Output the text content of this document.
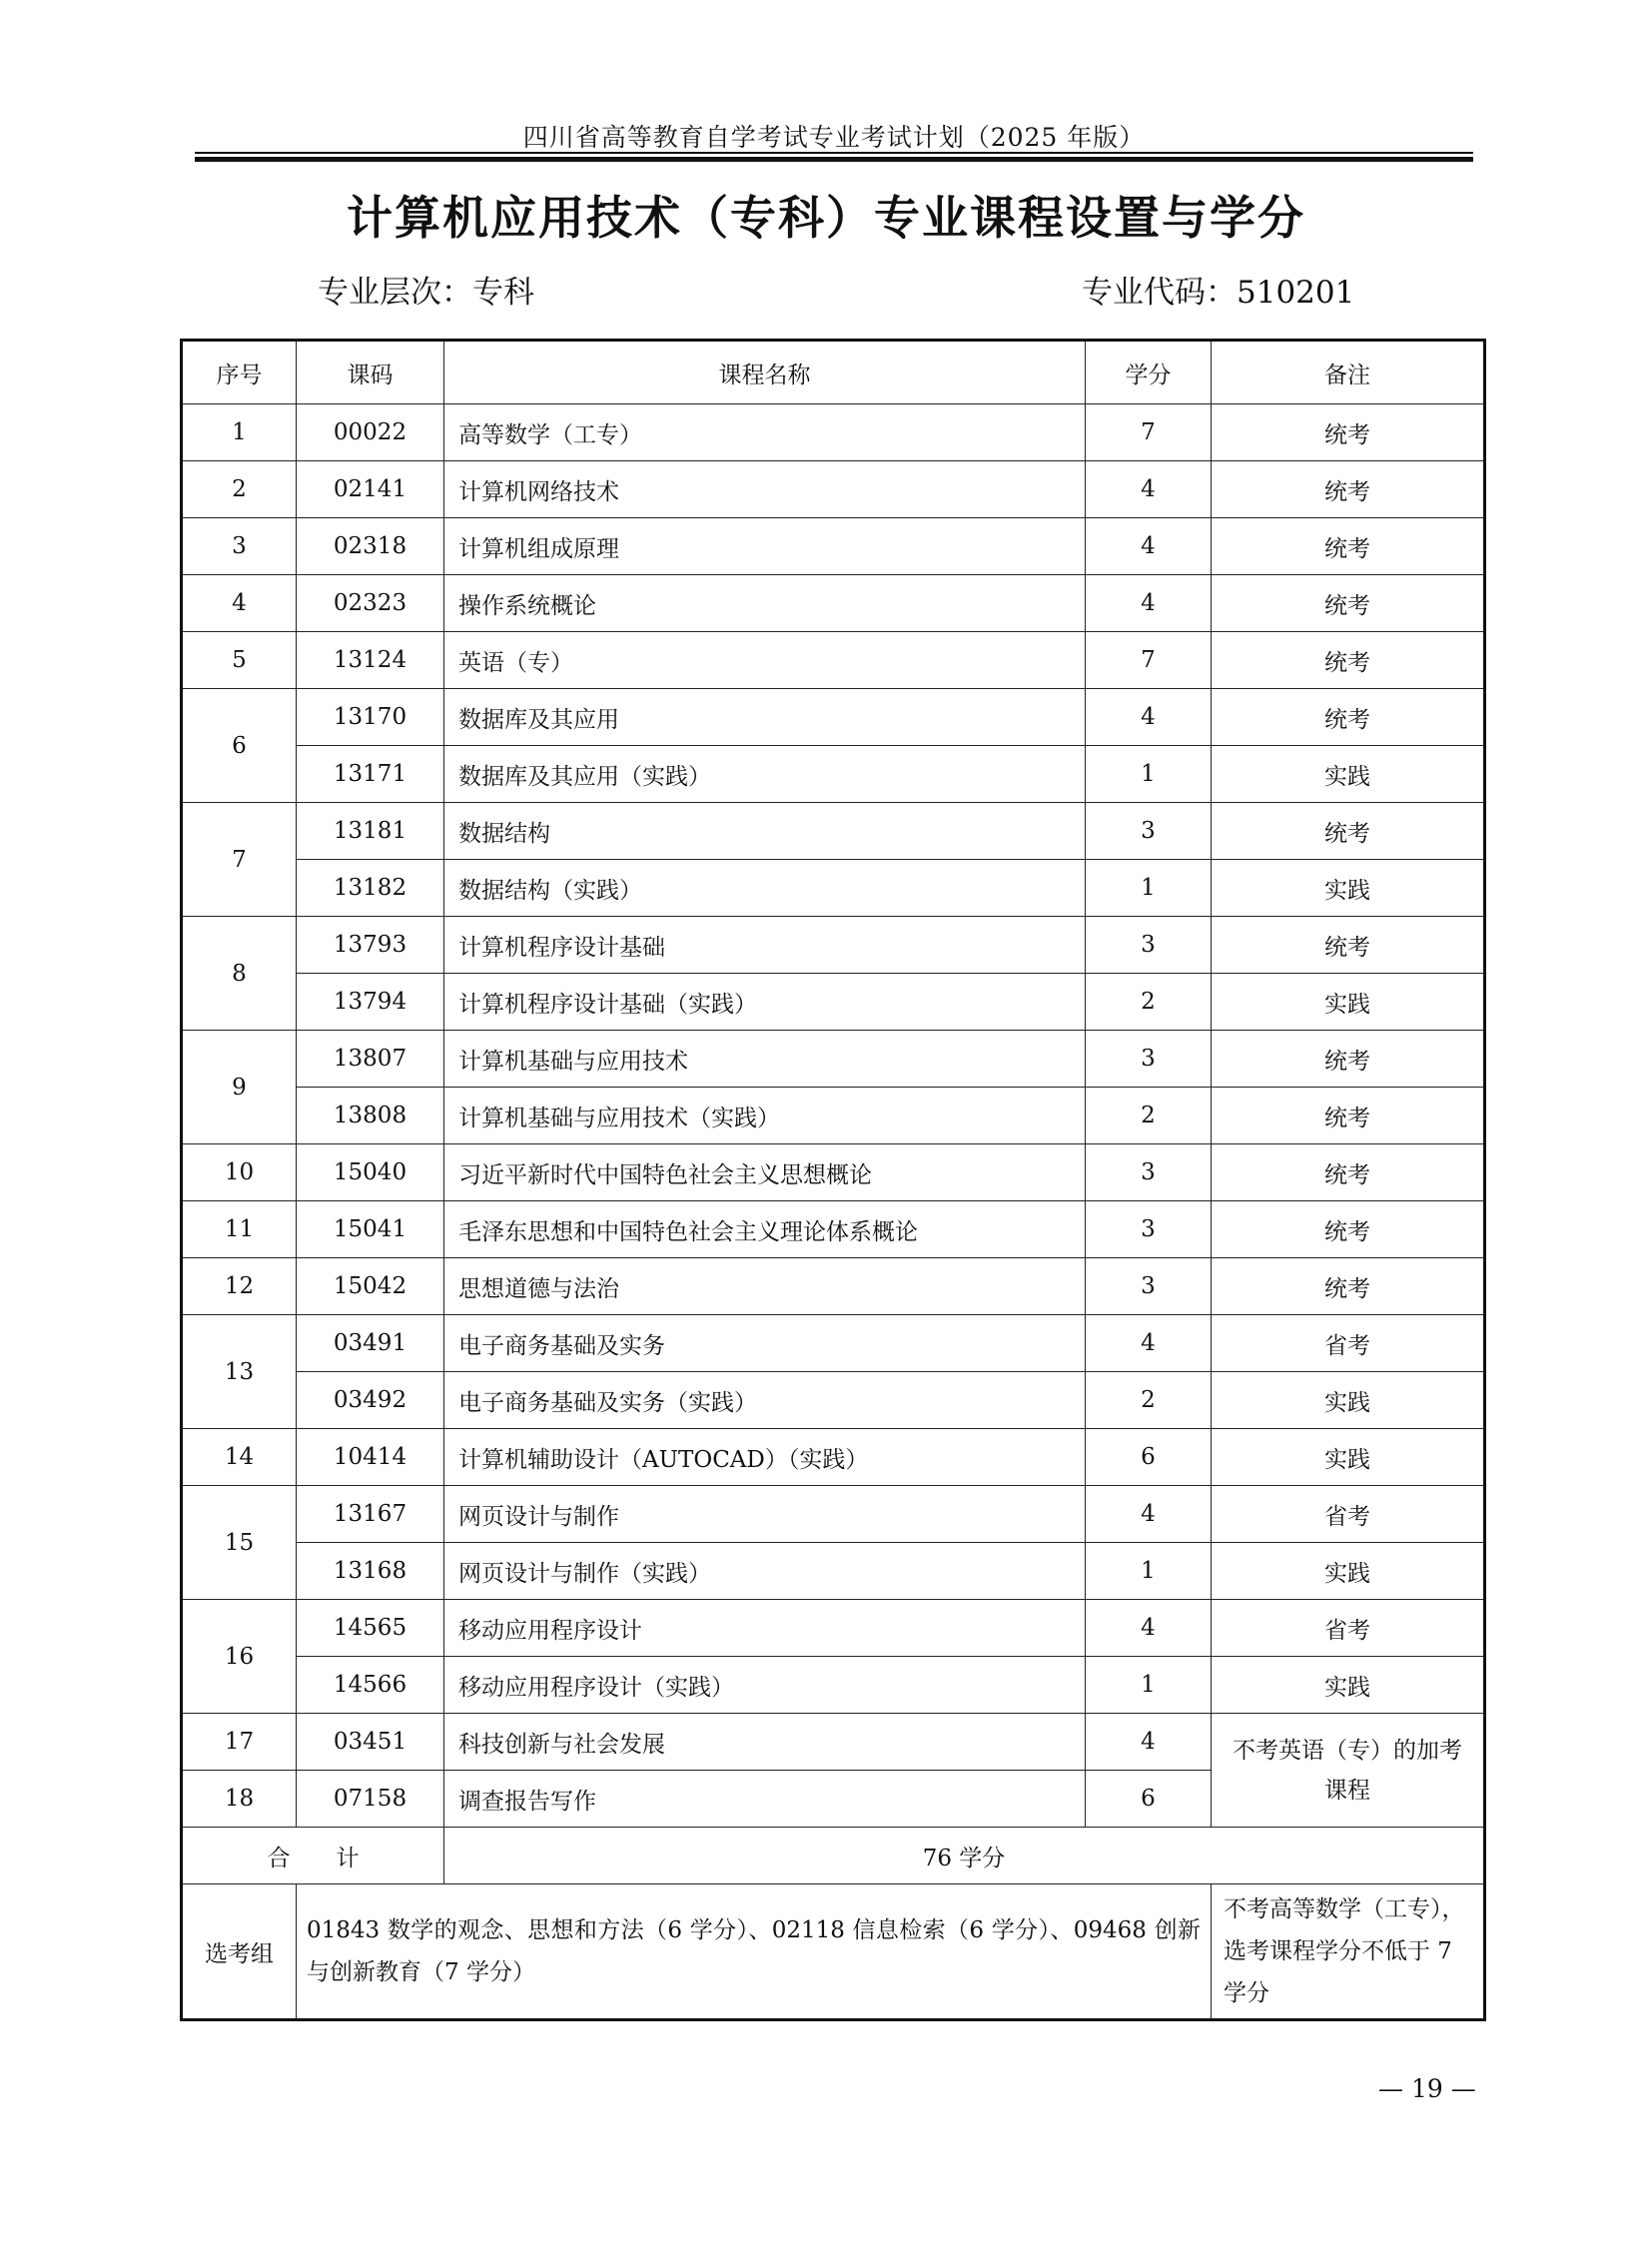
四川省高等教育自学考试专业考试计划（2025 年版）
计算机应用技术（专科）专业课程设置与学分
专业层次：专科	专业代码：510201
序号	课码	课程名称	学分	备注
1	00022	高等数学（工专）	7	统考
2	02141	计算机网络技术	4	统考
3	02318	计算机组成原理	4	统考
4	02323	操作系统概论	4	统考
5	13124	英语（专）	7	统考
6	13170	数据库及其应用	4	统考
	13171	数据库及其应用（实践）	1	实践
7	13181	数据结构	3	统考
	13182	数据结构（实践）	1	实践
8	13793	计算机程序设计基础	3	统考
	13794	计算机程序设计基础（实践）	2	实践
9	13807	计算机基础与应用技术	3	统考
	13808	计算机基础与应用技术（实践）	2	统考
10	15040	习近平新时代中国特色社会主义思想概论	3	统考
11	15041	毛泽东思想和中国特色社会主义理论体系概论	3	统考
12	15042	思想道德与法治	3	统考
13	03491	电子商务基础及实务	4	省考
	03492	电子商务基础及实务（实践）	2	实践
14	10414	计算机辅助设计（AUTOCAD）（实践）	6	实践
15	13167	网页设计与制作	4	省考
	13168	网页设计与制作（实践）	1	实践
16	14565	移动应用程序设计	4	省考
	14566	移动应用程序设计（实践）	1	实践
17	03451	科技创新与社会发展	4	不考英语（专）的加考课程
18	07158	调查报告写作	6	
合　　计		76 学分		
选考组	01843 数学的观念、思想和方法（6 学分）、02118 信息检索（6 学分）、09468 创新与创新教育（7 学分）			不考高等数学（工专），选考课程学分不低于 7 学分
— 19 —
